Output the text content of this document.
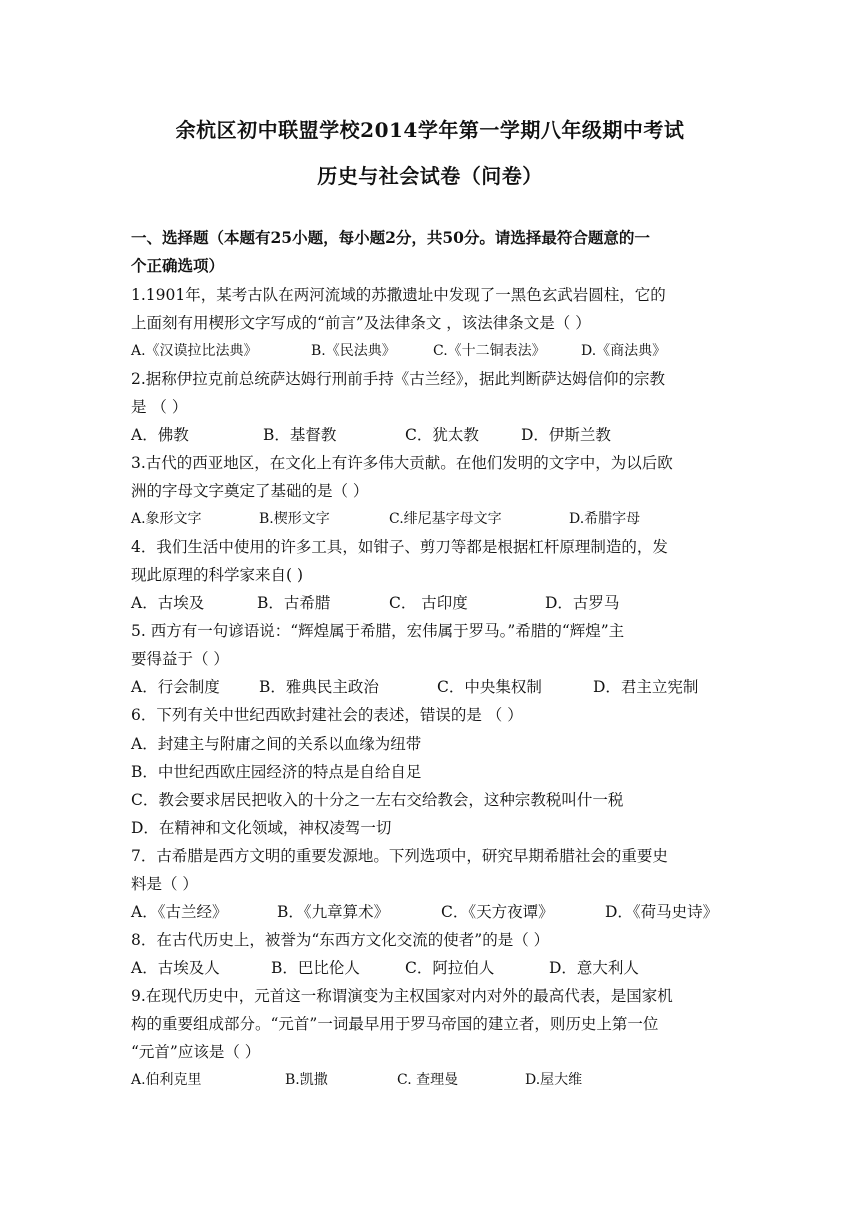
余杭区初中联盟学校2014学年第一学期八年级期中考试
历史与社会试卷（问卷）
一、选择题（本题有25小题，每小题2分，共50分。请选择最符合题意的一
个正确选项）
1.1901年，某考古队在两河流域的苏撒遗址中发现了一黑色玄武岩圆柱，它的
上面刻有用楔形文字写成的“前言”及法律条文 ，该法律条文是（ ）
A.《汉谟拉比法典》	B.《民法典》	C.《十二铜表法》	D.《商法典》
2.据称伊拉克前总统萨达姆行刑前手持《古兰经》，据此判断萨达姆信仰的宗教
是 （ ）
A．佛教	B．基督教	C．犹太教	D．伊斯兰教
3.古代的西亚地区，在文化上有许多伟大贡献。在他们发明的文字中，为以后欧
洲的字母文字奠定了基础的是（ ）
A.象形文字	B.楔形文字	C.绯尼基字母文字	D.希腊字母
4．我们生活中使用的许多工具，如钳子、剪刀等都是根据杠杆原理制造的，发
现此原理的科学家来自( )
A．古埃及	B．古希腊	C． 古印度	D．古罗马
5. 西方有一句谚语说：“辉煌属于希腊，宏伟属于罗马。”希腊的“辉煌”主
要得益于（ ）
A．行会制度	B．雅典民主政治	C．中央集权制	D．君主立宪制
6．下列有关中世纪西欧封建社会的表述，错误的是 （ ）
A．封建主与附庸之间的关系以血缘为纽带
B．中世纪西欧庄园经济的特点是自给自足
C．教会要求居民把收入的十分之一左右交给教会，这种宗教税叫什一税
D．在精神和文化领域，神权凌驾一切
7．古希腊是西方文明的重要发源地。下列选项中，研究早期希腊社会的重要史
料是（ ）
A．《古兰经》	B．《九章算术》	C．《天方夜谭》	D．《荷马史诗》
8．在古代历史上，被誉为“东西方文化交流的使者”的是（ ）
A．古埃及人	B．巴比伦人	C．阿拉伯人	D．意大利人
9.在现代历史中，元首这一称谓演变为主权国家对内对外的最高代表，是国家机
构的重要组成部分。“元首”一词最早用于罗马帝国的建立者，则历史上第一位
“元首”应该是（ ）
A.伯利克里	B.凯撒	C. 查理曼	D.屋大维
